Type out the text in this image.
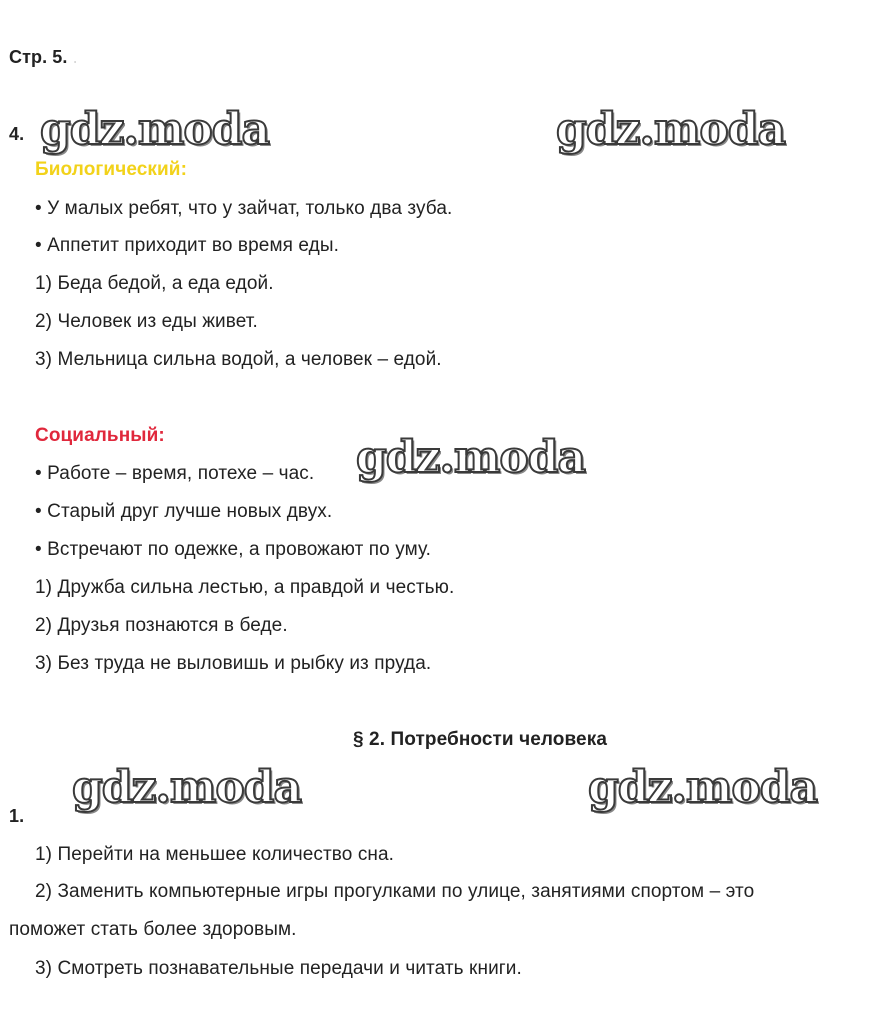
Стр. 5. .
gdz.moda	gdz.moda
gdz.moda
gdz.moda	gdz.moda
4.
Биологический:
• У малых ребят, что у зайчат, только два зуба.
• Аппетит приходит во время еды.
1) Беда бедой, а еда едой.
2) Человек из еды живет.
3) Мельница сильна водой, а человек – едой.
Социальный:
• Работе – время, потехе – час.
• Старый друг лучше новых двух.
• Встречают по одежке, а провожают по уму.
1) Дружба сильна лестью, а правдой и честью.
2) Друзья познаются в беде.
3) Без труда не выловишь и рыбку из пруда.
§ 2. Потребности человека
1.
1) Перейти на меньшее количество сна.
2) Заменить компьютерные игры прогулками по улице, занятиями спортом – это
поможет стать более здоровым.
3) Смотреть познавательные передачи и читать книги.
